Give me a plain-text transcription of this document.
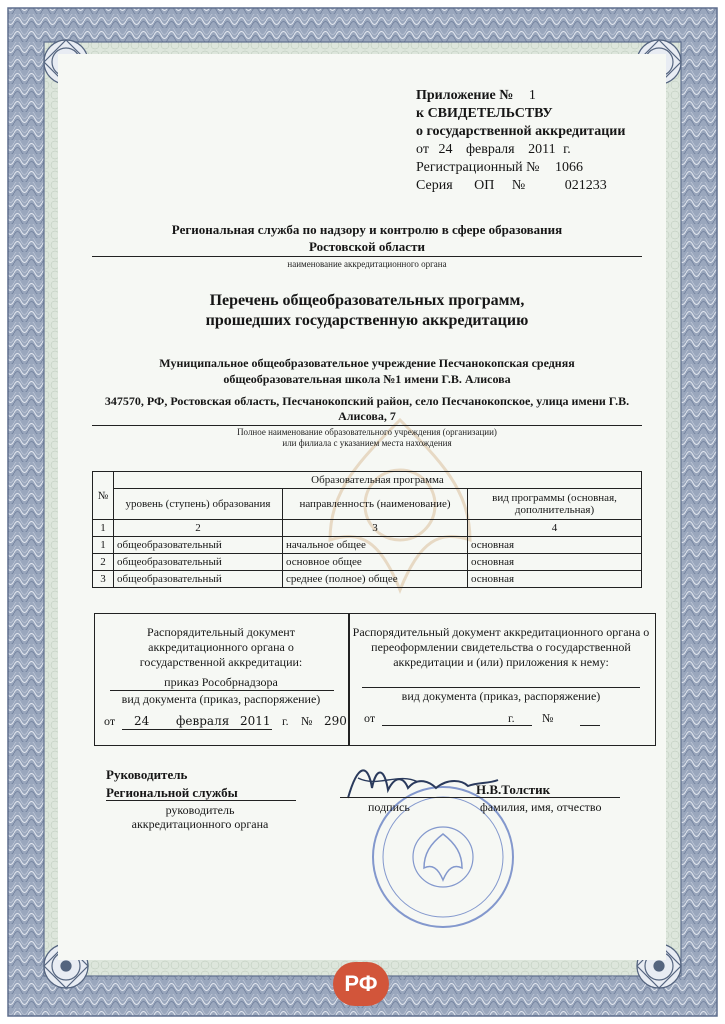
Приложение № 1
к СВИДЕТЕЛЬСТВУ
о государственной аккредитации
от 24 февраля 2011 г.
Регистрационный № 1066
Серия ОП №	021233
Региональная служба по надзору и контролю в сфере образования
Ростовской области
наименование аккредитационного органа
Перечень общеобразовательных программ,
прошедших государственную аккредитацию
Муниципальное общеобразовательное учреждение Песчанокопская средняя
общеобразовательная школа №1 имени Г.В. Алисова
347570, РФ, Ростовская область, Песчанокопский район, село Песчанокопское, улица имени Г.В.
Алисова, 7
Полное наименование образовательного учреждения (организации)
или филиала с указанием места нахождения
№	Образовательная программа		
	уровень (ступень) образования	направленность (наименование)	вид программы (основная,
дополнительная)

1	2	3	4
1	общеобразовательный	начальное общее	основная
2	общеобразовательный	основное общее	основная
3	общеобразовательный	среднее (полное) общее	основная
Распорядительный документ
аккредитационного органа о
государственной аккредитации:
приказ Рособрнадзора
вид документа (приказ, распоряжение)
от 24 февраля 2011 г. № 290
Распорядительный документ аккредитационного органа о
переоформлении свидетельства о государственной
аккредитации и (или) приложения к нему:
вид документа (приказ, распоряжение)
от	г. №
Руководитель
Региональной службы
руководитель
аккредитационного органа
Н.В.Толстик
подпись	фамилия, имя, отчество
РФ
